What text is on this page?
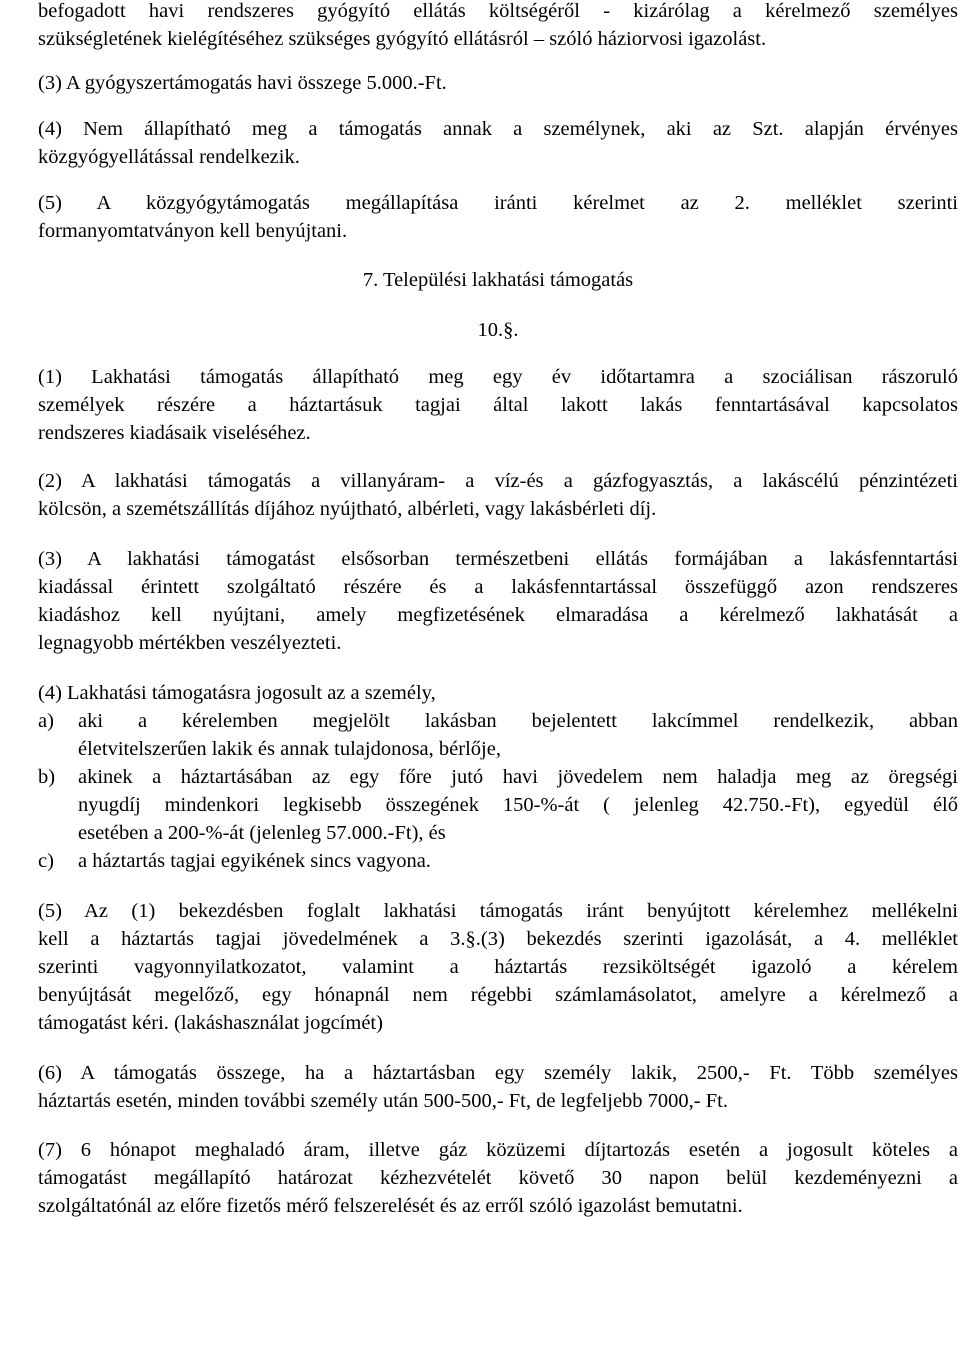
befogadott havi rendszeres gyógyító ellátás költségéről - kizárólag a kérelmező személyes
szükségletének kielégítéséhez szükséges gyógyító ellátásról – szóló háziorvosi igazolást.

(3) A gyógyszertámogatás havi összege 5.000.-Ft.

(4) Nem állapítható meg a támogatás annak a személynek, aki az Szt. alapján érvényes
közgyógyellátással rendelkezik.

(5) A közgyógytámogatás megállapítása iránti kérelmet az 2. melléklet szerinti
formanyomtatványon kell benyújtani.

7. Települési lakhatási támogatás

10.§.

(1) Lakhatási támogatás állapítható meg egy év időtartamra a szociálisan rászoruló
személyek részére a háztartásuk tagjai által lakott lakás fenntartásával kapcsolatos
rendszeres kiadásaik viseléséhez.

(2) A lakhatási támogatás a villanyáram- a víz-és a gázfogyasztás, a lakáscélú pénzintézeti
kölcsön, a szemétszállítás díjához nyújtható, albérleti, vagy lakásbérleti díj.

(3) A lakhatási támogatást elsősorban természetbeni ellátás formájában a lakásfenntartási
kiadással érintett szolgáltató részére és a lakásfenntartással összefüggő azon rendszeres
kiadáshoz kell nyújtani, amely megfizetésének elmaradása a kérelmező lakhatását a
legnagyobb mértékben veszélyezteti.

(4) Lakhatási támogatásra jogosult az a személy,

a) aki a kérelemben megjelölt lakásban bejelentett lakcímmel rendelkezik, abban
életvitelszerűen lakik és annak tulajdonosa, bérlője,
b) akinek a háztartásában az egy főre jutó havi jövedelem nem haladja meg az öregségi
nyugdíj mindenkori legkisebb összegének 150-%-át ( jelenleg 42.750.-Ft), egyedül élő
esetében a 200-%-át (jelenleg 57.000.-Ft), és
c) a háztartás tagjai egyikének sincs vagyona.

(5) Az (1) bekezdésben foglalt lakhatási támogatás iránt benyújtott kérelemhez mellékelni
kell a háztartás tagjai jövedelmének a 3.§.(3) bekezdés szerinti igazolását, a 4. melléklet
szerinti vagyonnyilatkozatot, valamint a háztartás rezsiköltségét igazoló a kérelem
benyújtását megelőző, egy hónapnál nem régebbi számlamásolatot, amelyre a kérelmező a
támogatást kéri. (lakáshasználat jogcímét)

(6) A támogatás összege, ha a háztartásban egy személy lakik, 2500,- Ft. Több személyes
háztartás esetén, minden további személy után 500-500,- Ft, de legfeljebb 7000,- Ft.

(7) 6 hónapot meghaladó áram, illetve gáz közüzemi díjtartozás esetén a jogosult köteles a
támogatást megállapító határozat kézhezvételét követő 30 napon belül kezdeményezni a
szolgáltatónál az előre fizetős mérő felszerelését és az erről szóló igazolást bemutatni.
